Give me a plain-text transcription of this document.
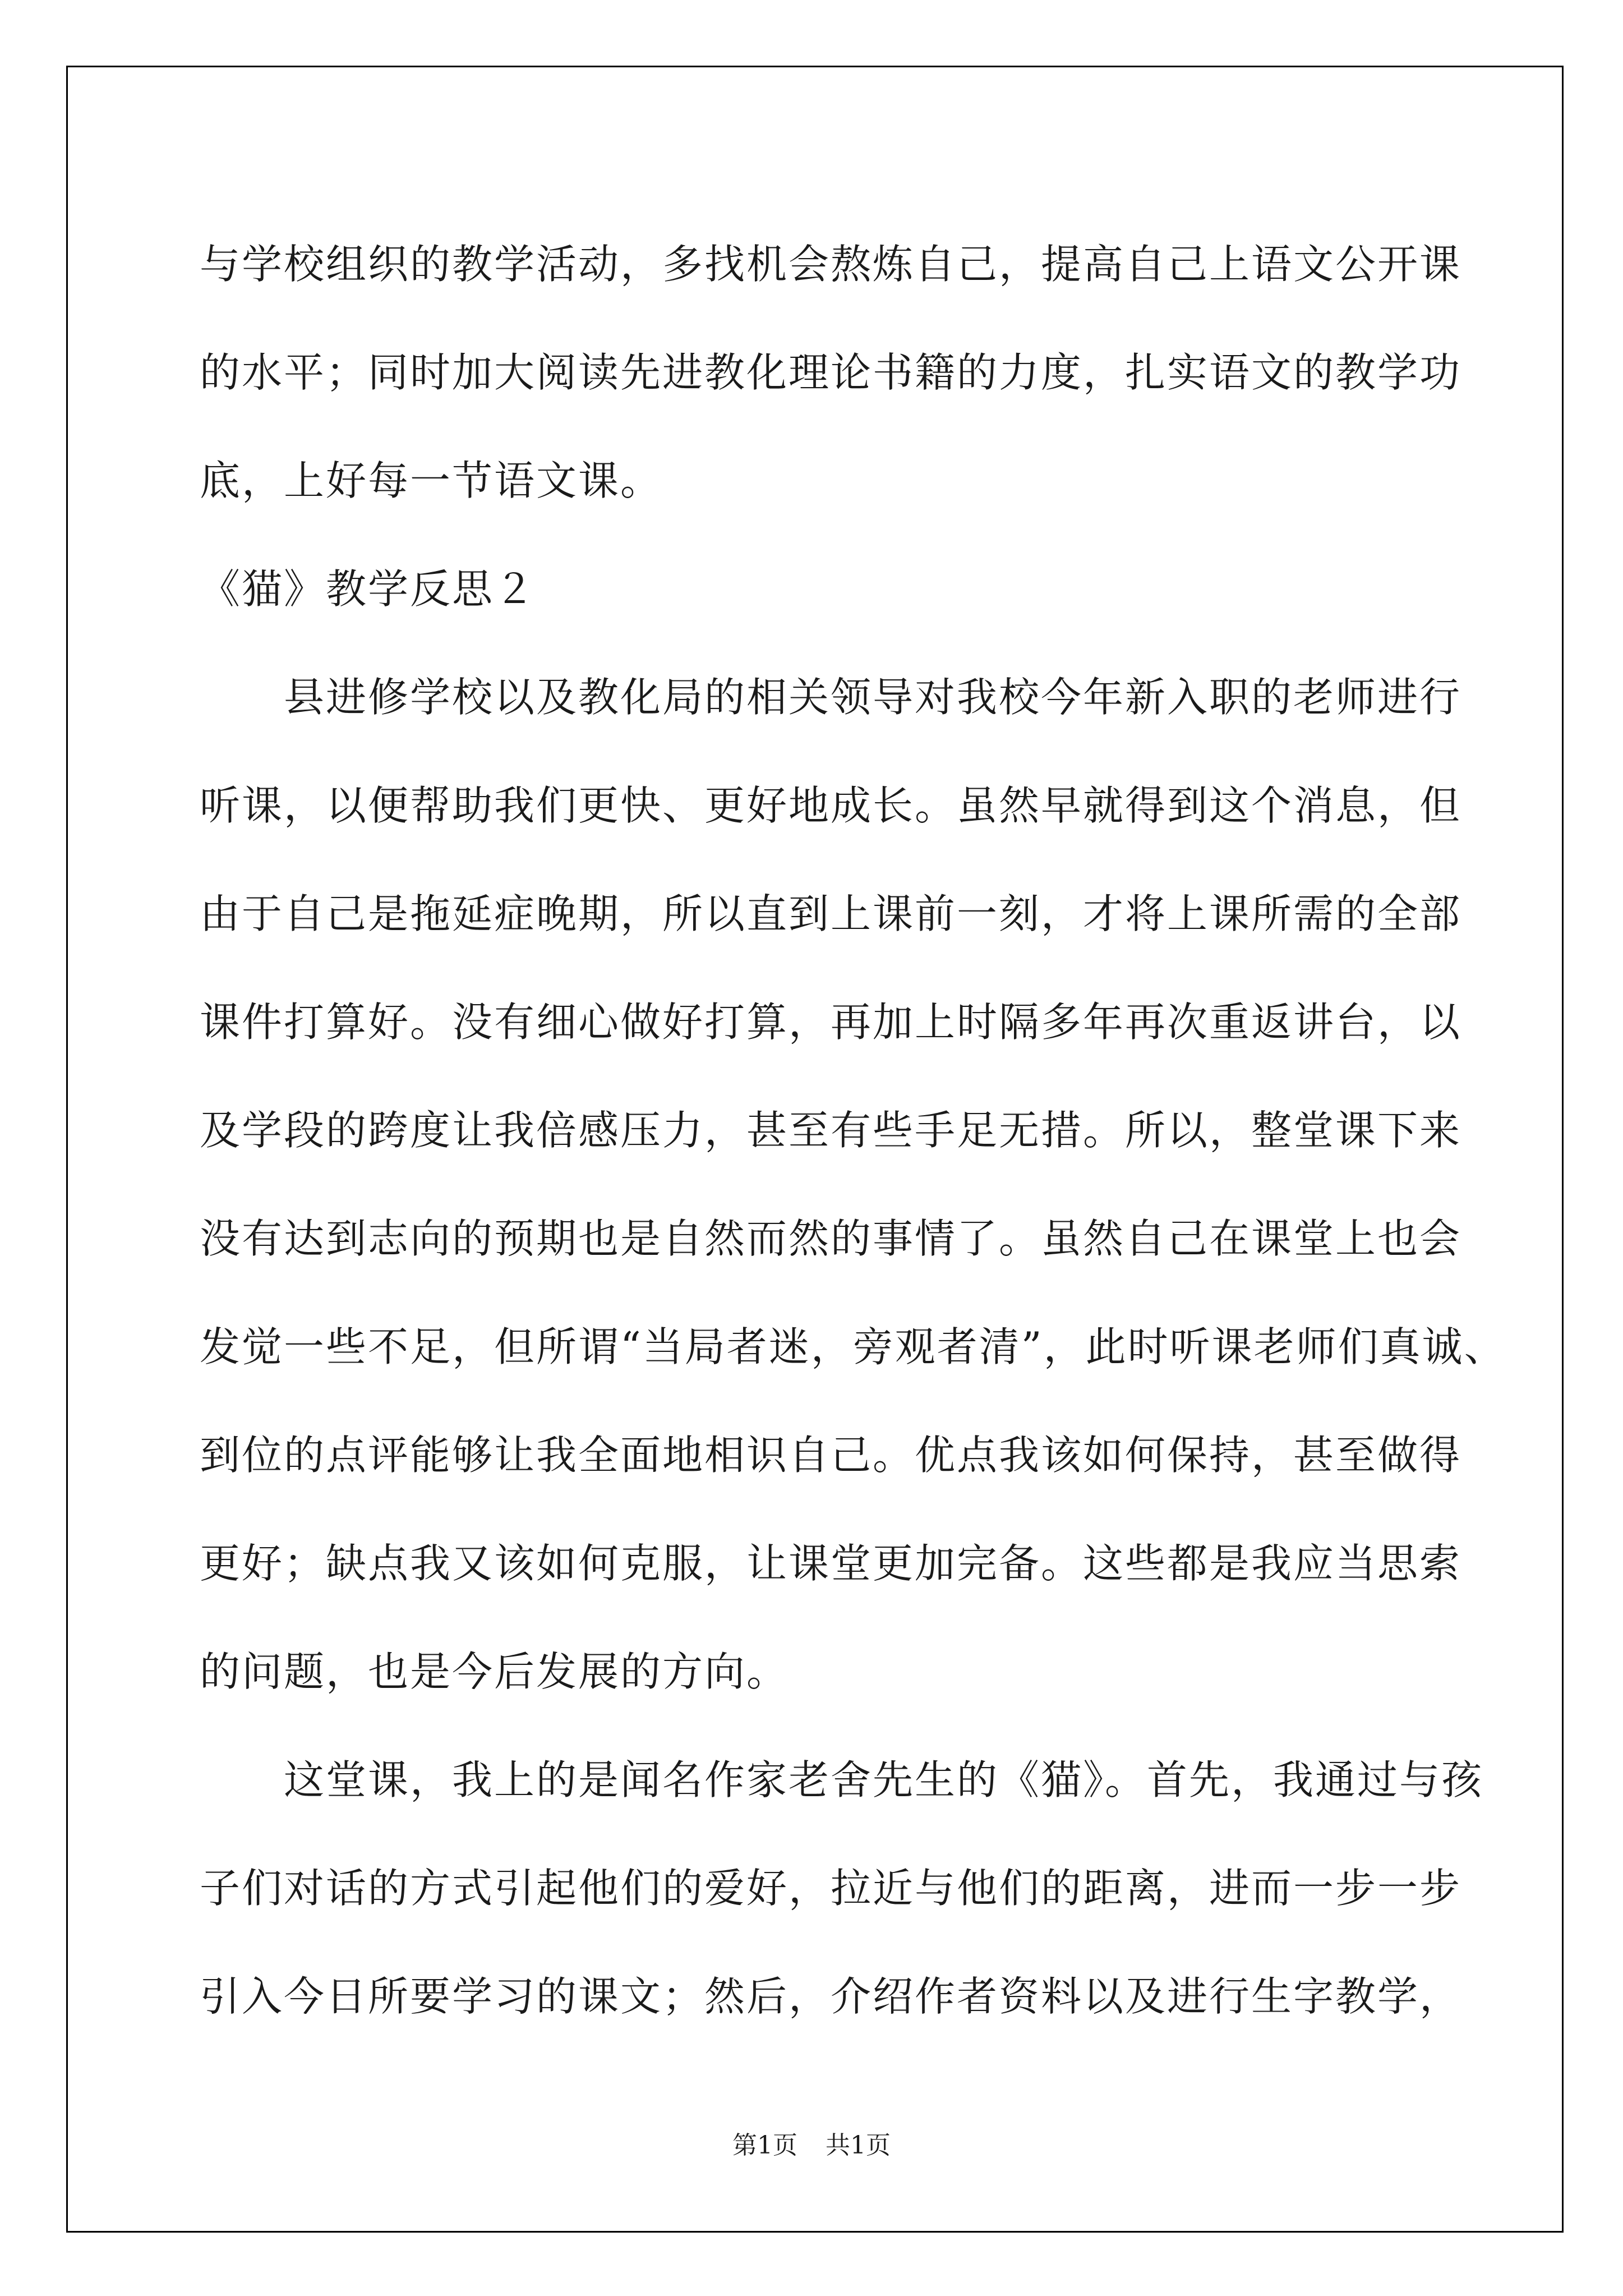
与学校组织的教学活动，多找机会熬炼自己，提高自己上语文公开课

的水平；同时加大阅读先进教化理论书籍的力度，扎实语文的教学功

底，上好每一节语文课。

《猫》教学反思２

　　县进修学校以及教化局的相关领导对我校今年新入职的老师进行

听课，以便帮助我们更快、更好地成长。虽然早就得到这个消息，但

由于自己是拖延症晚期，所以直到上课前一刻，才将上课所需的全部

课件打算好。没有细心做好打算，再加上时隔多年再次重返讲台，以

及学段的跨度让我倍感压力，甚至有些手足无措。所以，整堂课下来

没有达到志向的预期也是自然而然的事情了。虽然自己在课堂上也会

发觉一些不足，但所谓“当局者迷，旁观者清”，此时听课老师们真诚、

到位的点评能够让我全面地相识自己。优点我该如何保持，甚至做得

更好；缺点我又该如何克服，让课堂更加完备。这些都是我应当思索

的问题，也是今后发展的方向。

　　这堂课，我上的是闻名作家老舍先生的《猫》。首先，我通过与孩

子们对话的方式引起他们的爱好，拉近与他们的距离，进而一步一步

引入今日所要学习的课文；然后，介绍作者资料以及进行生字教学，

第1页 共1页
